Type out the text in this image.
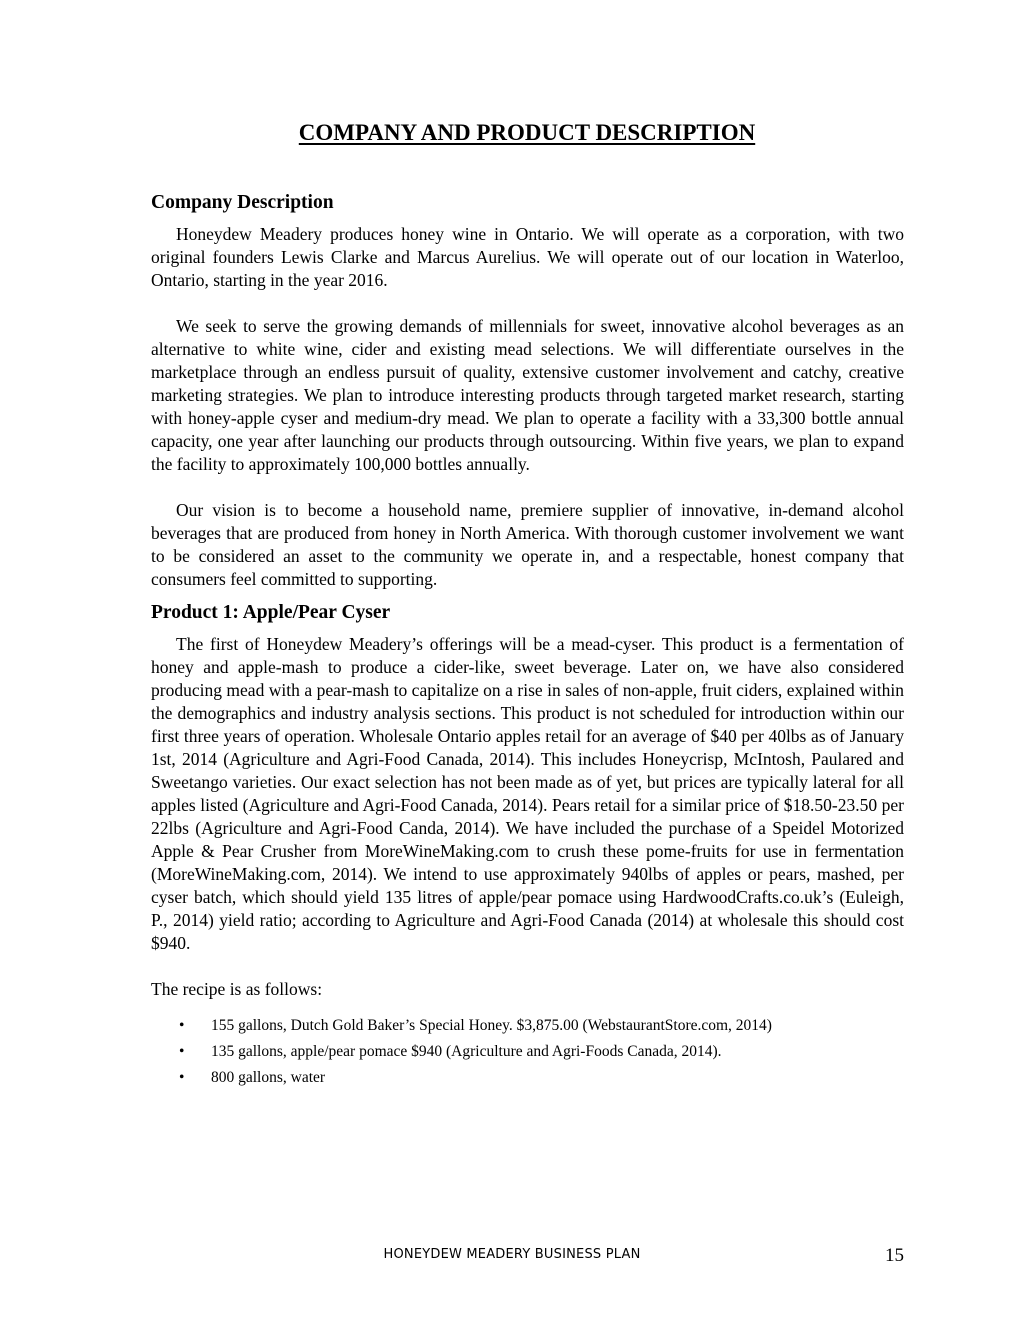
COMPANY AND PRODUCT DESCRIPTION
Company Description

Honeydew Meadery produces honey wine in Ontario. We will operate as a corporation, with two original founders Lewis Clarke and Marcus Aurelius. We will operate out of our location in Waterloo, Ontario, starting in the year 2016.

We seek to serve the growing demands of millennials for sweet, innovative alcohol beverages as an alternative to white wine, cider and existing mead selections. We will differentiate ourselves in the marketplace through an endless pursuit of quality, extensive customer involvement and catchy, creative marketing strategies. We plan to introduce interesting products through targeted market research, starting with honey-apple cyser and medium-dry mead. We plan to operate a facility with a 33,300 bottle annual capacity, one year after launching our products through outsourcing. Within five years, we plan to expand the facility to approximately 100,000 bottles annually.

Our vision is to become a household name, premiere supplier of innovative, in-demand alcohol beverages that are produced from honey in North America. With thorough customer involvement we want to be considered an asset to the community we operate in, and a respectable, honest company that consumers feel committed to supporting.

Product 1: Apple/Pear Cyser

The first of Honeydew Meadery’s offerings will be a mead-cyser. This product is a fermentation of honey and apple-mash to produce a cider-like, sweet beverage. Later on, we have also considered producing mead with a pear-mash to capitalize on a rise in sales of non-apple, fruit ciders, explained within the demographics and industry analysis sections. This product is not scheduled for introduction within our first three years of operation. Wholesale Ontario apples retail for an average of $40 per 40lbs as of January 1st, 2014 (Agriculture and Agri-Food Canada, 2014). This includes Honeycrisp, McIntosh, Paulared and Sweetango varieties. Our exact selection has not been made as of yet, but prices are typically lateral for all apples listed (Agriculture and Agri-Food Canada, 2014). Pears retail for a similar price of $18.50-23.50 per 22lbs (Agriculture and Agri-Food Canda, 2014). We have included the purchase of a Speidel Motorized Apple & Pear Crusher from MoreWineMaking.com to crush these pome-fruits for use in fermentation (MoreWineMaking.com, 2014). We intend to use approximately 940lbs of apples or pears, mashed, per cyser batch, which should yield 135 litres of apple/pear pomace using HardwoodCrafts.co.uk’s (Euleigh, P., 2014) yield ratio; according to Agriculture and Agri-Food Canada (2014) at wholesale this should cost $940.

The recipe is as follows:

• 155 gallons, Dutch Gold Baker’s Special Honey. $3,875.00 (WebstaurantStore.com, 2014)
• 135 gallons, apple/pear pomace $940 (Agriculture and Agri-Foods Canada, 2014).
• 800 gallons, water
HONEYDEW MEADERY BUSINESS PLAN	15
